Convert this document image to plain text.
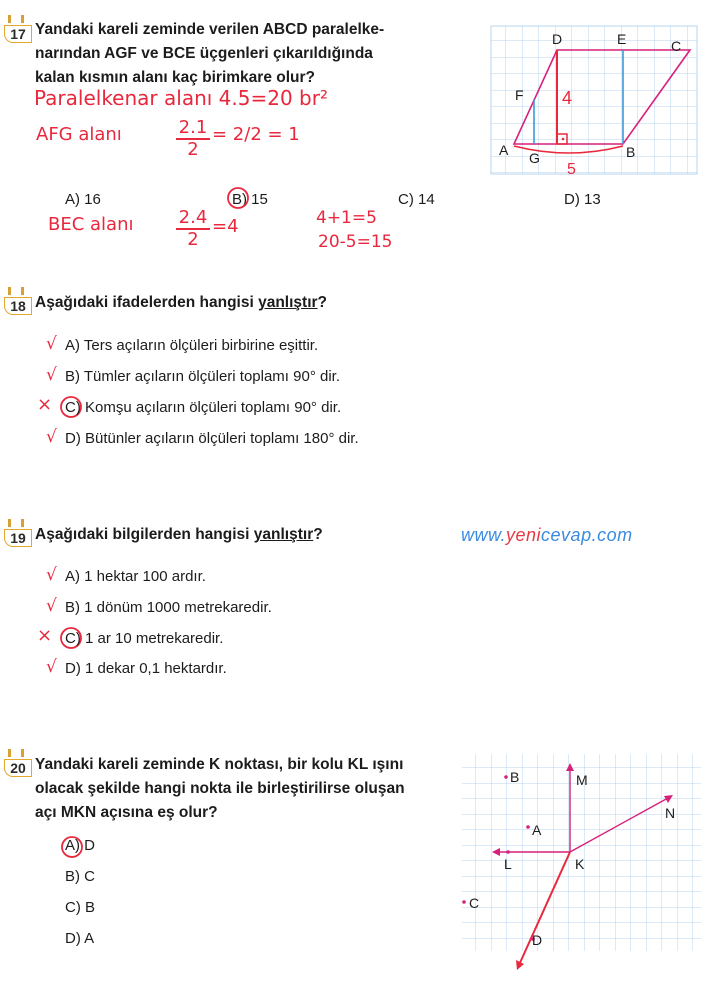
17 Yandaki kareli zeminde verilen ABCD paralelke-
narından AGF ve BCE üçgenleri çıkarıldığında
kalan kısmın alanı kaç birimkare olur?
D	E	C
F
A G	B
4
5
Paralelkenar alanı 4.5=20 br²
AFG alanı	2.1
2
= 2/2 = 1
A) 16	B) 15	C) 14	D) 13
BEC alanı	2.4
2
=4	4+1=5
20-5=15
18 Aşağıdaki ifadelerden hangisi yanlıştır?
√ A) Ters açıların ölçüleri birbirine eşittir.
√ B) Tümler açıların ölçüleri toplamı 90° dir.
× C) Komşu açıların ölçüleri toplamı 90° dir.
√ D) Bütünler açıların ölçüleri toplamı 180° dir.
19 Aşağıdaki bilgilerden hangisi yanlıştır?	www.yenicevap.com
√ A) 1 hektar 100 ardır.
√ B) 1 dönüm 1000 metrekaredir.
× C) 1 ar 10 metrekaredir.
√ D) 1 dekar 0,1 hektardır.
20 Yandaki kareli zeminde K noktası, bir kolu KL ışını
olacak şekilde hangi nokta ile birleştirilirse oluşan
açı MKN açısına eş olur?
A) D
B) C
C) B
D) A
B	M
N
A
L	K
C
D
